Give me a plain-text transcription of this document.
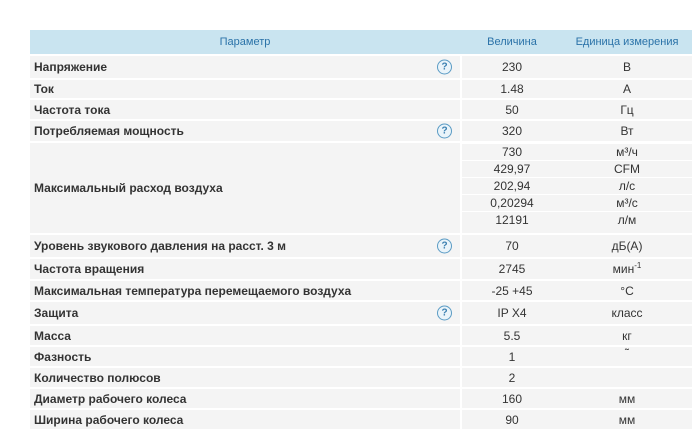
Параметр	Величина	Единица измерения
Напряжение	?	230	В
Ток	1.48	А
Частота тока	50	Гц
Потребляемая мощность	?	320	Вт
Максимальный расход воздуха
730	м³/ч
429,97	CFM
202,94	л/с
0,20294	м³/с
12191	л/м
Уровень звукового давления на расст. 3 м	?	70	дБ(А)
Частота вращения	2745	мин$^{-1}$
Максимальная температура перемещаемого воздуха	-25 +45	°C
Защита	?	IP X4	класс
Масса	5.5	кг
Фазность	1	˜
Количество полюсов	2
Диаметр рабочего колеса	160	мм
Ширина рабочего колеса	90	мм
